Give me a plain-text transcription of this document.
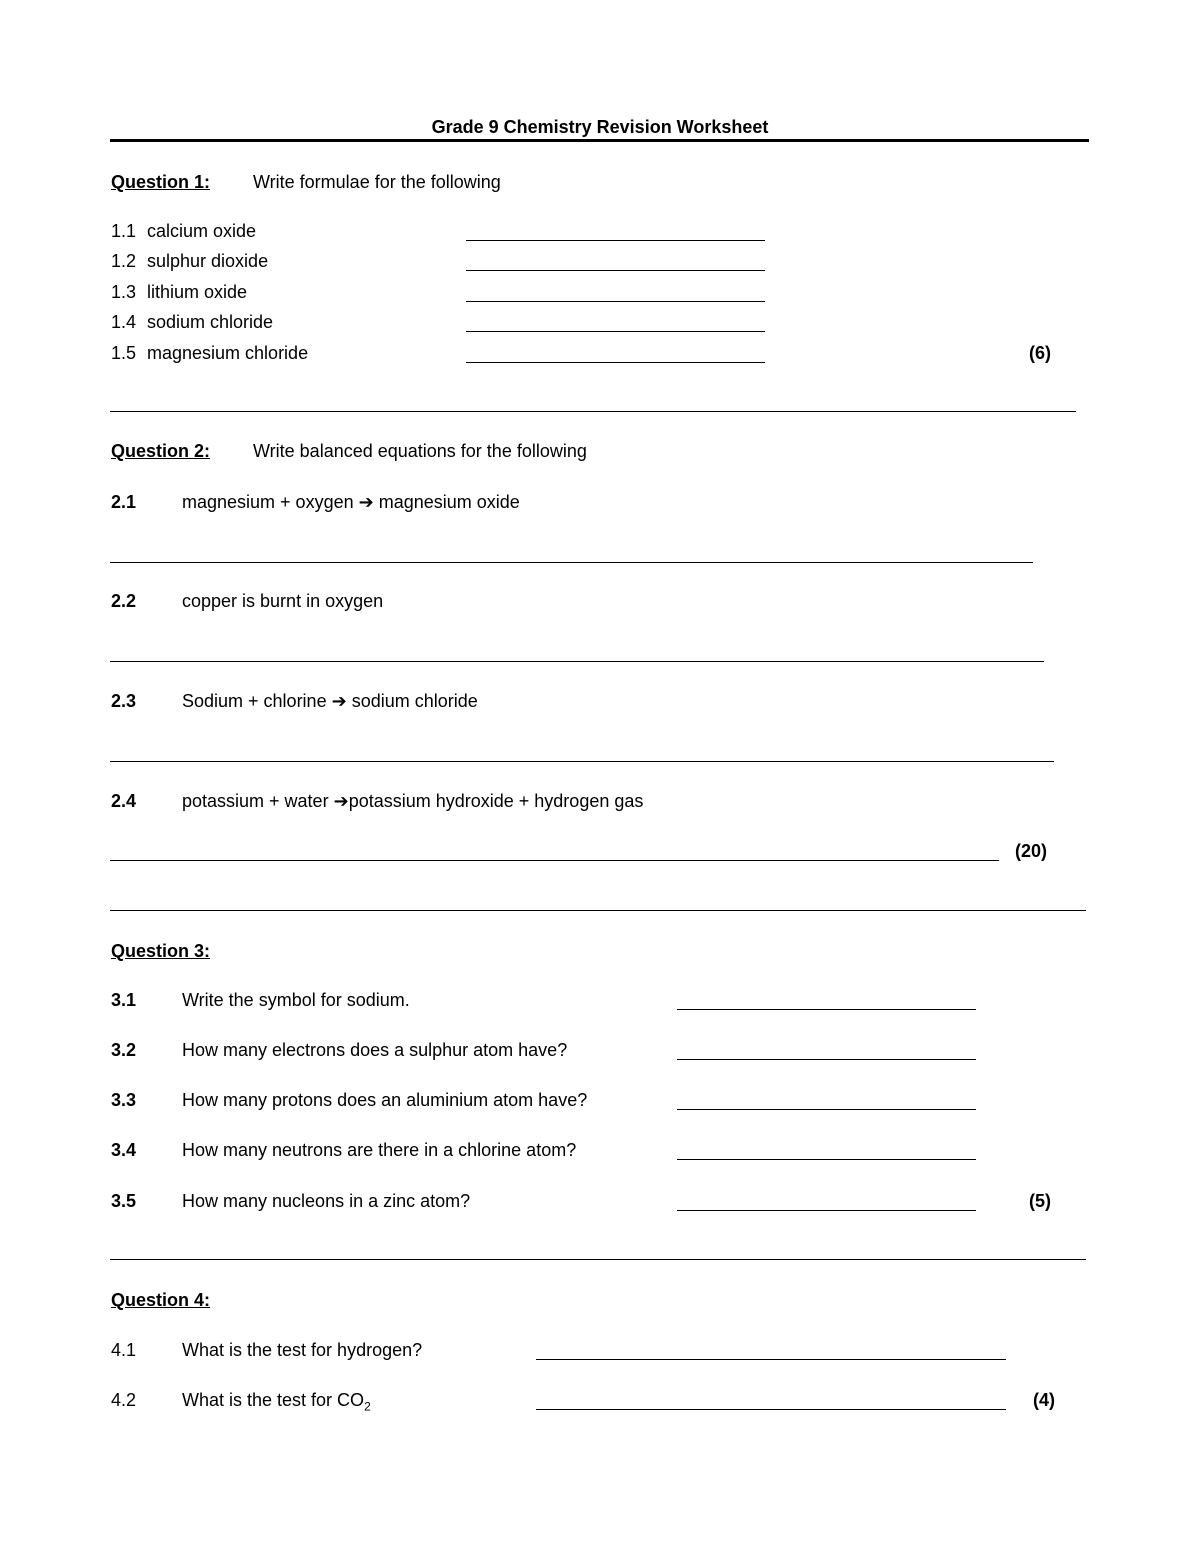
Grade 9 Chemistry Revision Worksheet
Question 1: Write formulae for the following
1.1 calcium oxide
1.2 sulphur dioxide
1.3 lithium oxide
1.4 sodium chloride
1.5 magnesium chloride	(6)
Question 2: Write balanced equations for the following
2.1	magnesium + oxygen ➔ magnesium oxide
2.2	copper is burnt in oxygen
2.3	Sodium + chlorine ➔ sodium chloride
2.4	potassium + water ➔potassium hydroxide + hydrogen gas
(20)
Question 3:
3.1	Write the symbol for sodium.
3.2	How many electrons does a sulphur atom have?
3.3	How many protons does an aluminium atom have?
3.4	How many neutrons are there in a chlorine atom?
3.5	How many nucleons in a zinc atom?	(5)
Question 4:
4.1	What is the test for hydrogen?
4.2	What is the test for $CO_2$	(4)
